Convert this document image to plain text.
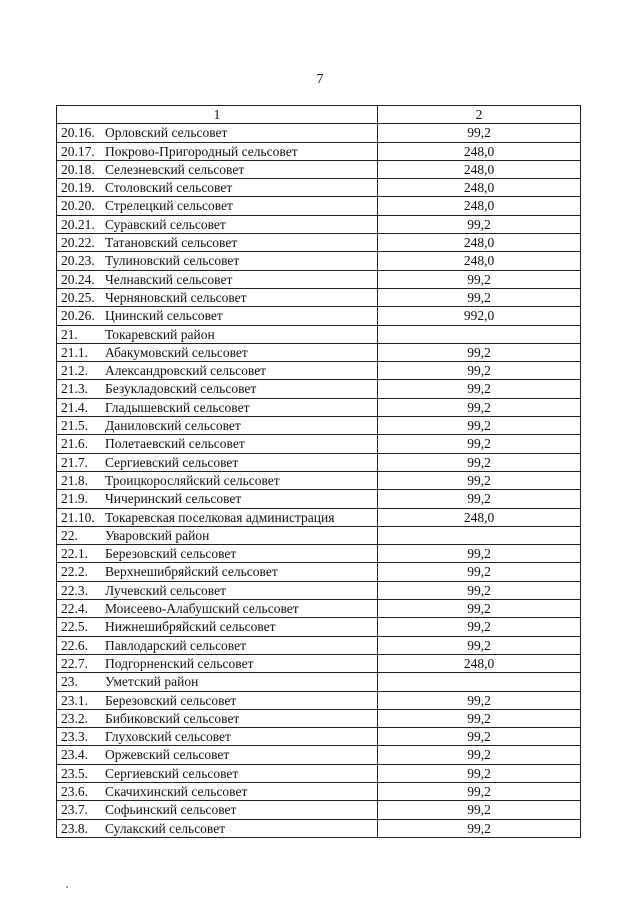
7
1	2
20.16. Орловский сельсовет	99,2
20.17. Покрово-Пригородный сельсовет	248,0
20.18. Селезневский сельсовет	248,0
20.19. Столовский сельсовет	248,0
20.20. Стрелецкий сельсовет	248,0
20.21. Суравский сельсовет	99,2
20.22. Татановский сельсовет	248,0
20.23. Тулиновский сельсовет	248,0
20.24. Челнавский сельсовет	99,2
20.25. Черняновский сельсовет	99,2
20.26. Цнинский сельсовет	992,0
21. Токаревский район	
21.1. Абакумовский сельсовет	99,2
21.2. Александровский сельсовет	99,2
21.3. Безукладовский сельсовет	99,2
21.4. Гладышевский сельсовет	99,2
21.5. Даниловский сельсовет	99,2
21.6. Полетаевский сельсовет	99,2
21.7. Сергиевский сельсовет	99,2
21.8. Троицкоросляйский сельсовет	99,2
21.9. Чичеринский сельсовет	99,2
21.10. Токаревская поселковая администрация	248,0
22. Уваровский район	
22.1. Березовский сельсовет	99,2
22.2. Верхнешибряйский сельсовет	99,2
22.3. Лучевский сельсовет	99,2
22.4. Моисеево-Алабушский сельсовет	99,2
22.5. Нижнешибряйский сельсовет	99,2
22.6. Павлодарский сельсовет	99,2
22.7. Подгорненский сельсовет	248,0
23. Уметский район	
23.1. Березовский сельсовет	99,2
23.2. Бибиковский сельсовет	99,2
23.3. Глуховский сельсовет	99,2
23.4. Оржевский сельсовет	99,2
23.5. Сергиевский сельсовет	99,2
23.6. Скачихинский сельсовет	99,2
23.7. Софьинский сельсовет	99,2
23.8. Сулакский сельсовет	99,2
